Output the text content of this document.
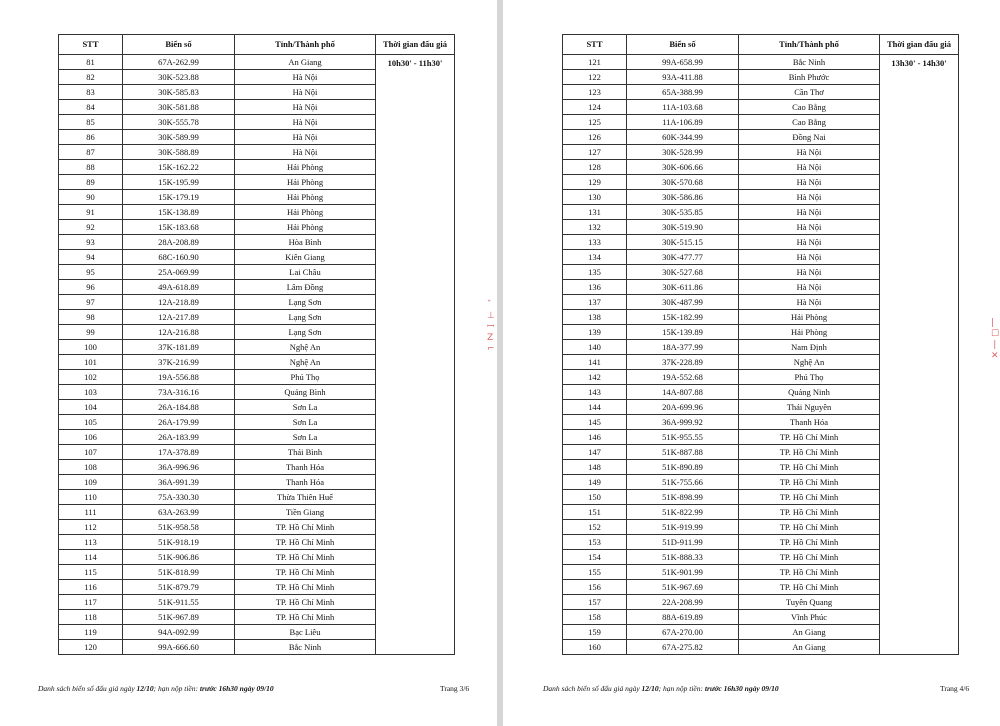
STT	Biển số	Tỉnh/Thành phố	Thời gian đấu giá
81	67A-262.99	An Giang	10h30' - 11h30'
82	30K-523.88	Hà Nội	
83	30K-585.83	Hà Nội	
84	30K-581.88	Hà Nội	
85	30K-555.78	Hà Nội	
86	30K-589.99	Hà Nội	
87	30K-588.89	Hà Nội	
88	15K-162.22	Hải Phòng	
89	15K-195.99	Hải Phòng	
90	15K-179.19	Hải Phòng	
91	15K-138.89	Hải Phòng	
92	15K-183.68	Hải Phòng	
93	28A-208.89	Hòa Bình	
94	68C-160.90	Kiên Giang	
95	25A-069.99	Lai Châu	
96	49A-618.89	Lâm Đồng	
97	12A-218.89	Lạng Sơn	
98	12A-217.89	Lạng Sơn	
99	12A-216.88	Lạng Sơn	
100	37K-181.89	Nghệ An	
101	37K-216.99	Nghệ An	
102	19A-556.88	Phú Thọ	
103	73A-316.16	Quảng Bình	
104	26A-184.88	Sơn La	
105	26A-179.99	Sơn La	
106	26A-183.99	Sơn La	
107	17A-378.89	Thái Bình	
108	36A-996.96	Thanh Hóa	
109	36A-991.39	Thanh Hóa	
110	75A-330.30	Thừa Thiên Huế	
111	63A-263.99	Tiền Giang	
112	51K-958.58	TP. Hồ Chí Minh	
113	51K-918.19	TP. Hồ Chí Minh	
114	51K-906.86	TP. Hồ Chí Minh	
115	51K-818.99	TP. Hồ Chí Minh	
116	51K-879.79	TP. Hồ Chí Minh	
117	51K-911.55	TP. Hồ Chí Minh	
118	51K-967.89	TP. Hồ Chí Minh	
119	94A-092.99	Bạc Liêu	
120	99A-666.60	Bắc Ninh	
Danh sách biển số đấu giá ngày 12/10; hạn nộp tiền: trước 16h30 ngày 09/10	Trang 3/6
STT	Biển số	Tỉnh/Thành phố	Thời gian đấu giá
121	99A-658.99	Bắc Ninh	13h30' - 14h30'
122	93A-411.88	Bình Phước	
123	65A-388.99	Cần Thơ	
124	11A-103.68	Cao Bằng	
125	11A-106.89	Cao Bằng	
126	60K-344.99	Đồng Nai	
127	30K-528.99	Hà Nội	
128	30K-606.66	Hà Nội	
129	30K-570.68	Hà Nội	
130	30K-586.86	Hà Nội	
131	30K-535.85	Hà Nội	
132	30K-519.90	Hà Nội	
133	30K-515.15	Hà Nội	
134	30K-477.77	Hà Nội	
135	30K-527.68	Hà Nội	
136	30K-611.86	Hà Nội	
137	30K-487.99	Hà Nội	
138	15K-182.99	Hải Phòng	
139	15K-139.89	Hải Phòng	
140	18A-377.99	Nam Định	
141	37K-228.89	Nghệ An	
142	19A-552.68	Phú Thọ	
143	14A-807.88	Quảng Ninh	
144	20A-699.96	Thái Nguyên	
145	36A-999.92	Thanh Hóa	
146	51K-955.55	TP. Hồ Chí Minh	
147	51K-887.88	TP. Hồ Chí Minh	
148	51K-890.89	TP. Hồ Chí Minh	
149	51K-755.66	TP. Hồ Chí Minh	
150	51K-898.99	TP. Hồ Chí Minh	
151	51K-822.99	TP. Hồ Chí Minh	
152	51K-919.99	TP. Hồ Chí Minh	
153	51D-911.99	TP. Hồ Chí Minh	
154	51K-888.33	TP. Hồ Chí Minh	
155	51K-901.99	TP. Hồ Chí Minh	
156	51K-967.69	TP. Hồ Chí Minh	
157	22A-208.99	Tuyên Quang	
158	88A-619.89	Vĩnh Phúc	
159	67A-270.00	An Giang	
160	67A-275.82	An Giang	
Danh sách biển số đấu giá ngày 12/10; hạn nộp tiền: trước 16h30 ngày 09/10	Trang 4/6
|
☐
❘
✕
ˇ
⊥
ꟷ
Z
⌐
